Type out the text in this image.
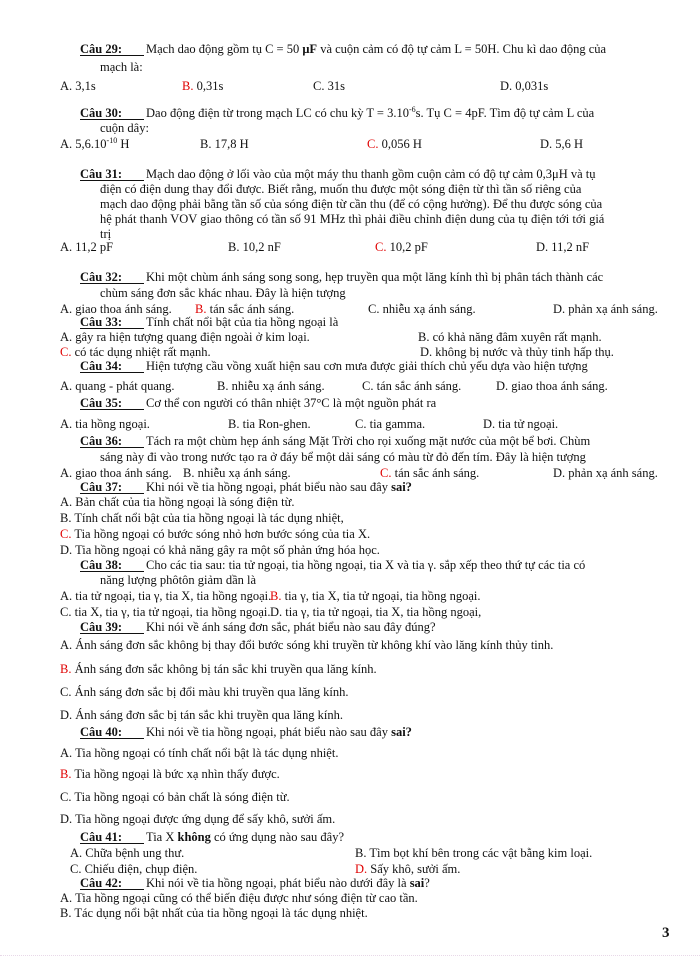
Câu 29: Mạch dao động gồm tụ C = 50 μF và cuộn cảm có độ tự cảm L = 50H. Chu kì dao động của
mạch là:
A. 3,1s	B. 0,31s	C. 31s	D. 0,031s
Câu 30: Dao động điện từ trong mạch LC có chu kỳ $T = 3.10^{-6}s$. Tụ C = 4pF. Tìm độ tự cảm L của
cuộn dây:
A. $5,6.10^{-10}$ H	B. 17,8 H	C. 0,056 H	D. 5,6 H
Câu 31: Mạch dao động ở lối vào của một máy thu thanh gồm cuộn cảm có độ tự cảm 0,3μH và tụ
điện có điện dung thay đổi được. Biết rằng, muốn thu được một sóng điện từ thì tần số riêng của
mạch dao động phải bằng tần số của sóng điện từ cần thu (để có cộng hưởng). Để thu được sóng của
hệ phát thanh VOV giao thông có tần số 91 MHz thì phải điều chỉnh điện dung của tụ điện tới tới giá
trị
A. 11,2 pF	B. 10,2 nF	C. 10,2 pF	D. 11,2 nF
Câu 32: Khi một chùm ánh sáng song song, hẹp truyền qua một lăng kính thì bị phân tách thành các
chùm sáng đơn sắc khác nhau. Đây là hiện tượng
A. giao thoa ánh sáng. B. tán sắc ánh sáng.	C. nhiễu xạ ánh sáng.	D. phản xạ ánh sáng.
Câu 33: Tính chất nổi bật của tia hồng ngoại là
A. gây ra hiện tượng quang điện ngoài ở kim loại.	B. có khả năng đâm xuyên rất mạnh.
C. có tác dụng nhiệt rất mạnh.	D. không bị nước và thủy tinh hấp thụ.
Câu 34: Hiện tượng cầu vồng xuất hiện sau cơn mưa được giải thích chủ yếu dựa vào hiện tượng
A. quang - phát quang.	B. nhiễu xạ ánh sáng.	C. tán sắc ánh sáng.	D. giao thoa ánh sáng.
Câu 35: Cơ thể con người có thân nhiệt 37°C là một nguồn phát ra
A. tia hồng ngoại.	B. tia Ron-ghen.	C. tia gamma.	D. tia tử ngoại.
Câu 36: Tách ra một chùm hẹp ánh sáng Mặt Trời cho rọi xuống mặt nước của một bể bơi. Chùm
sáng này đi vào trong nước tạo ra ở đáy bể một dải sáng có màu từ đỏ đến tím. Đây là hiện tượng
A. giao thoa ánh sáng. B. nhiễu xạ ánh sáng.	C. tán sắc ánh sáng.	D. phản xạ ánh sáng.
Câu 37: Khi nói về tia hồng ngoại, phát biểu nào sau đây sai?
A. Bản chất của tia hồng ngoại là sóng điện từ.
B. Tính chất nổi bật của tia hồng ngoại là tác dụng nhiệt,
C. Tia hồng ngoại có bước sóng nhỏ hơn bước sóng của tia X.
D. Tia hồng ngoại có khả năng gây ra một số phản ứng hóa học.
Câu 38: Cho các tia sau: tia tử ngoại, tia hồng ngoại, tia X và tia γ. sắp xếp theo thứ tự các tia có
năng lượng phôtôn giảm dần là
A. tia tử ngoại, tia γ, tia X, tia hồng ngoại.
B. tia γ, tia X, tia tử ngoại, tia hồng ngoại.
C. tia X, tia γ, tia tử ngoại, tia hồng ngoại. D. tia γ, tia tử ngoại, tia X, tia hồng ngoại,
Câu 39: Khi nói về ánh sáng đơn sắc, phát biểu nào sau đây đúng?
A. Ánh sáng đơn sắc không bị thay đổi bước sóng khi truyền từ không khí vào lăng kính thủy tinh.
B. Ánh sáng đơn sắc không bị tán sắc khi truyền qua lăng kính.
C. Ánh sáng đơn sắc bị đổi màu khi truyền qua lăng kính.
D. Ánh sáng đơn sắc bị tán sắc khi truyền qua lăng kính.
Câu 40: Khi nói về tia hồng ngoại, phát biểu nào sau đây sai?
A. Tia hồng ngoại có tính chất nổi bật là tác dụng nhiệt.
B. Tia hồng ngoại là bức xạ nhìn thấy được.
C. Tia hồng ngoại có bản chất là sóng điện từ.
D. Tia hồng ngoại được ứng dụng để sấy khô, sưởi ấm.
Câu 41: Tia X không có ứng dụng nào sau đây?
A. Chữa bệnh ung thư.	B. Tìm bọt khí bên trong các vật bằng kim loại.
C. Chiếu điện, chụp điện.	D. Sấy khô, sưởi ấm.
Câu 42: Khi nói về tia hồng ngoại, phát biểu nào dưới đây là sai?
A. Tia hồng ngoại cũng có thể biến điệu được như sóng điện từ cao tần.
B. Tác dụng nổi bật nhất của tia hồng ngoại là tác dụng nhiệt.
3
